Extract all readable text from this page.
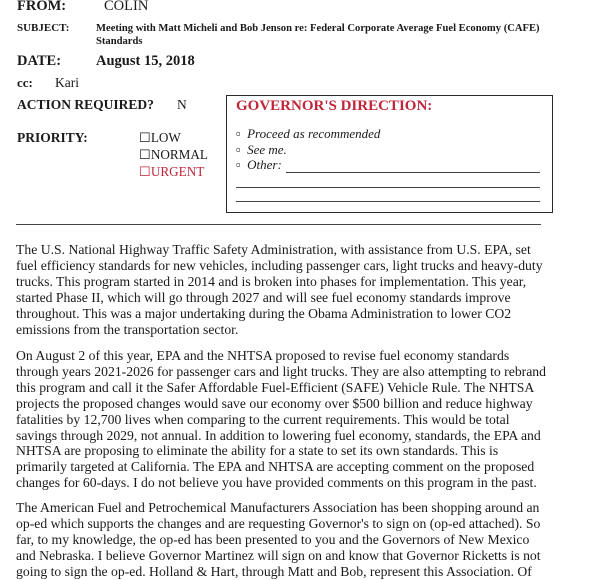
FROM:	COLIN
SUBJECT:	Meeting with Matt Micheli and Bob Jenson re: Federal Corporate Average Fuel Economy (CAFE)
Standards
DATE: August 15, 2018
cc: Kari
ACTION REQUIRED? N
PRIORITY:	☐LOW
☐NORMAL
☐URGENT
GOVERNOR'S DIRECTION:
▫ Proceed as recommended
▫ See me.
▫ Other:
The U.S. National Highway Traffic Safety Administration, with assistance from U.S. EPA, set
fuel efficiency standards for new vehicles, including passenger cars, light trucks and heavy-duty
trucks. This program started in 2014 and is broken into phases for implementation. This year,
started Phase II, which will go through 2027 and will see fuel economy standards improve
throughout. This was a major undertaking during the Obama Administration to lower CO2
emissions from the transportation sector.
On August 2 of this year, EPA and the NHTSA proposed to revise fuel economy standards
through years 2021-2026 for passenger cars and light trucks. They are also attempting to rebrand
this program and call it the Safer Affordable Fuel-Efficient (SAFE) Vehicle Rule. The NHTSA
projects the proposed changes would save our economy over $500 billion and reduce highway
fatalities by 12,700 lives when comparing to the current requirements. This would be total
savings through 2029, not annual. In addition to lowering fuel economy, standards, the EPA and
NHTSA are proposing to eliminate the ability for a state to set its own standards. This is
primarily targeted at California. The EPA and NHTSA are accepting comment on the proposed
changes for 60-days. I do not believe you have provided comments on this program in the past.
The American Fuel and Petrochemical Manufacturers Association has been shopping around an
op-ed which supports the changes and are requesting Governor's to sign on (op-ed attached). So
far, to my knowledge, the op-ed has been presented to you and the Governors of New Mexico
and Nebraska. I believe Governor Martinez will sign on and know that Governor Ricketts is not
going to sign the op-ed. Holland & Hart, through Matt and Bob, represent this Association. Of
